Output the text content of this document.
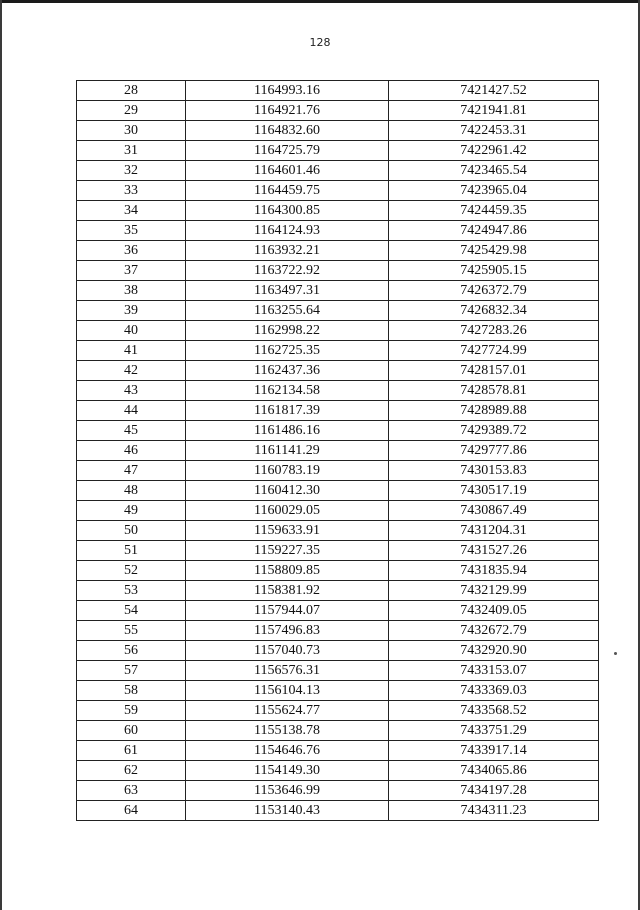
128
28	1164993.16	7421427.52
29	1164921.76	7421941.81
30	1164832.60	7422453.31
31	1164725.79	7422961.42
32	1164601.46	7423465.54
33	1164459.75	7423965.04
34	1164300.85	7424459.35
35	1164124.93	7424947.86
36	1163932.21	7425429.98
37	1163722.92	7425905.15
38	1163497.31	7426372.79
39	1163255.64	7426832.34
40	1162998.22	7427283.26
41	1162725.35	7427724.99
42	1162437.36	7428157.01
43	1162134.58	7428578.81
44	1161817.39	7428989.88
45	1161486.16	7429389.72
46	1161141.29	7429777.86
47	1160783.19	7430153.83
48	1160412.30	7430517.19
49	1160029.05	7430867.49
50	1159633.91	7431204.31
51	1159227.35	7431527.26
52	1158809.85	7431835.94
53	1158381.92	7432129.99
54	1157944.07	7432409.05
55	1157496.83	7432672.79
56	1157040.73	7432920.90
57	1156576.31	7433153.07
58	1156104.13	7433369.03
59	1155624.77	7433568.52
60	1155138.78	7433751.29
61	1154646.76	7433917.14
62	1154149.30	7434065.86
63	1153646.99	7434197.28
64	1153140.43	7434311.23
